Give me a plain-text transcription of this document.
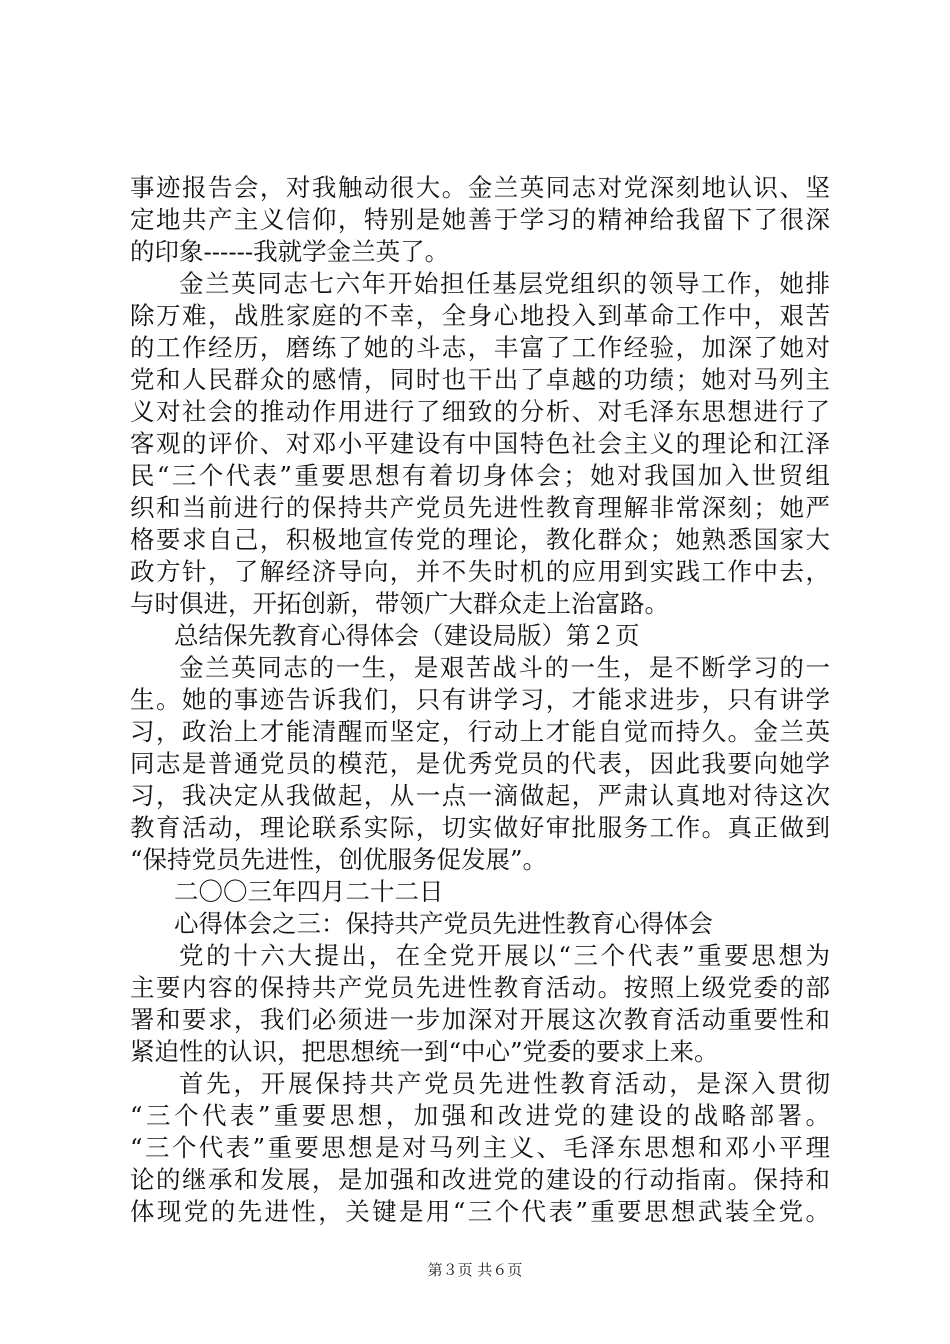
事迹报告会，对我触动很大。金兰英同志对党深刻地认识、坚
定地共产主义信仰，特别是她善于学习的精神给我留下了很深
的印象------我就学金兰英了。
金兰英同志七六年开始担任基层党组织的领导工作，她排
除万难，战胜家庭的不幸，全身心地投入到革命工作中，艰苦
的工作经历，磨练了她的斗志，丰富了工作经验，加深了她对
党和人民群众的感情，同时也干出了卓越的功绩；她对马列主
义对社会的推动作用进行了细致的分析、对毛泽东思想进行了
客观的评价、对邓小平建设有中国特色社会主义的理论和江泽
民“三个代表”重要思想有着切身体会；她对我国加入世贸组
织和当前进行的保持共产党员先进性教育理解非常深刻；她严
格要求自己，积极地宣传党的理论，教化群众；她熟悉国家大
政方针，了解经济导向，并不失时机的应用到实践工作中去，
与时俱进，开拓创新，带领广大群众走上治富路。
总结保先教育心得体会（建设局版）第２页
金兰英同志的一生，是艰苦战斗的一生，是不断学习的一
生。她的事迹告诉我们，只有讲学习，才能求进步，只有讲学
习，政治上才能清醒而坚定，行动上才能自觉而持久。金兰英
同志是普通党员的模范，是优秀党员的代表，因此我要向她学
习，我决定从我做起，从一点一滴做起，严肃认真地对待这次
教育活动，理论联系实际，切实做好审批服务工作。真正做到
“保持党员先进性，创优服务促发展”。
二〇〇三年四月二十二日
心得体会之三：保持共产党员先进性教育心得体会
党的十六大提出，在全党开展以“三个代表”重要思想为
主要内容的保持共产党员先进性教育活动。按照上级党委的部
署和要求，我们必须进一步加深对开展这次教育活动重要性和
紧迫性的认识，把思想统一到“中心”党委的要求上来。
首先，开展保持共产党员先进性教育活动，是深入贯彻
“三个代表”重要思想，加强和改进党的建设的战略部署。
“三个代表”重要思想是对马列主义、毛泽东思想和邓小平理
论的继承和发展，是加强和改进党的建设的行动指南。保持和
体现党的先进性，关键是用“三个代表”重要思想武装全党。
第３页 共６页
